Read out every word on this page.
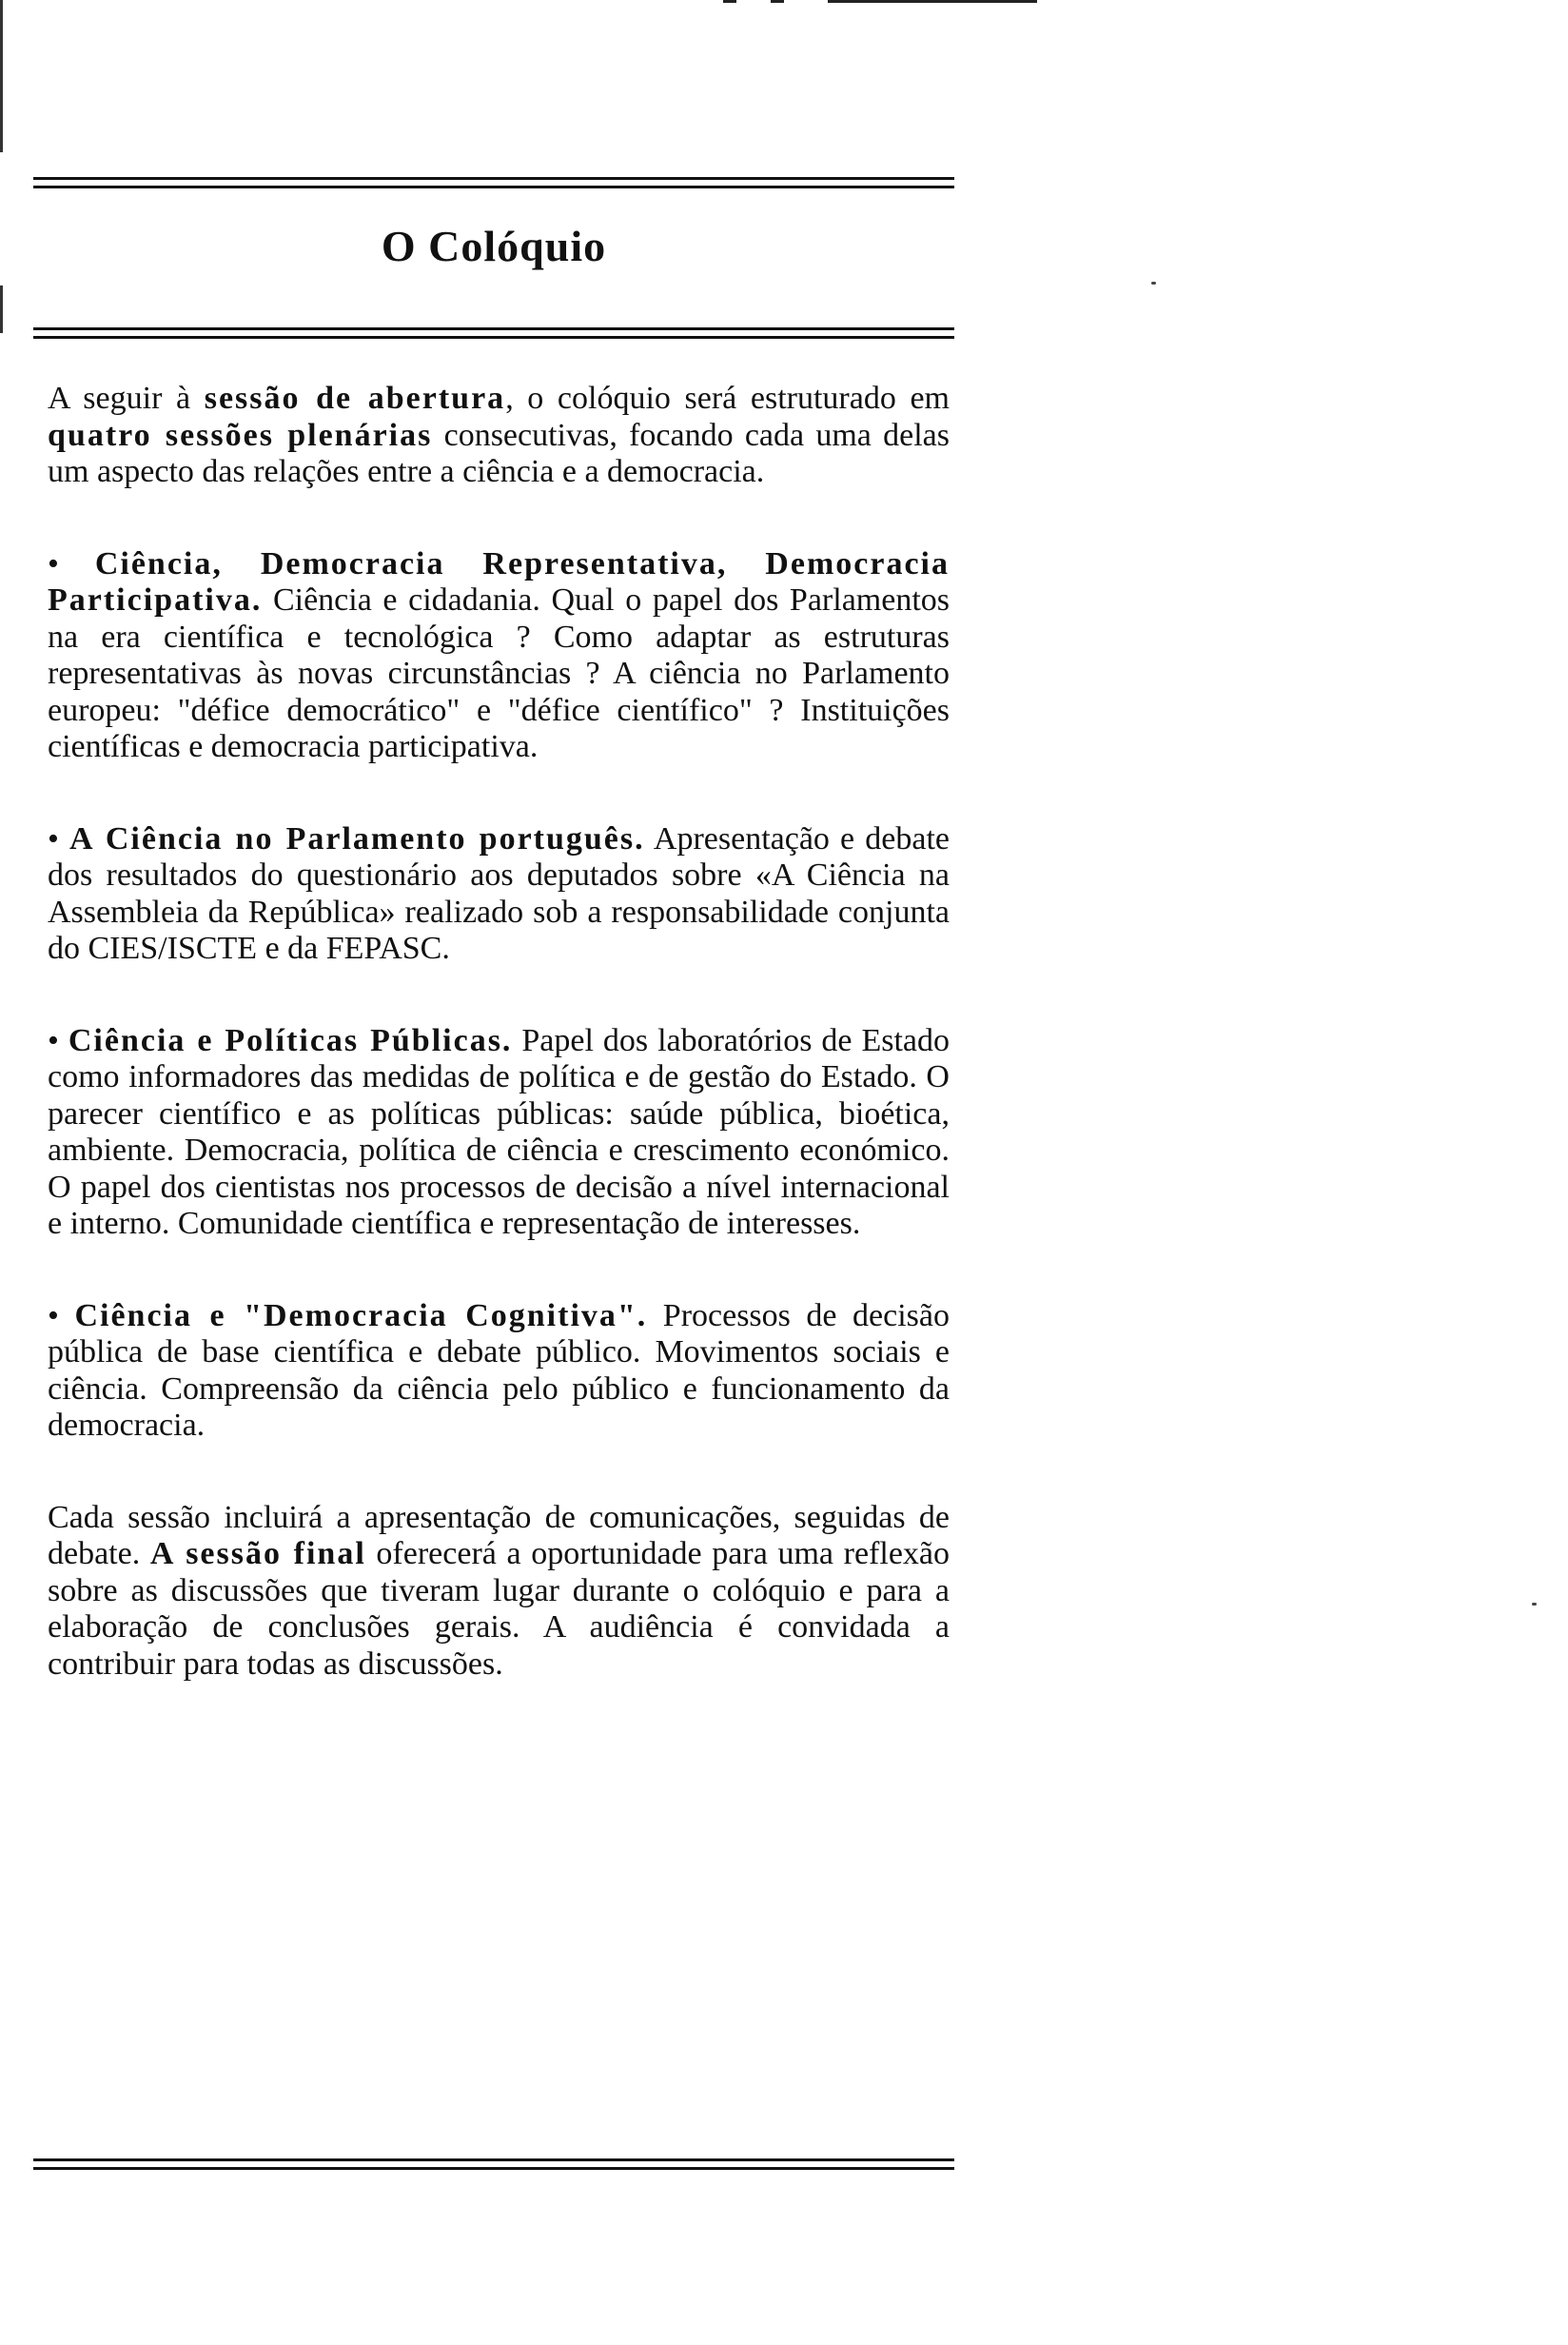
O Colóquio

A seguir à sessão de abertura, o colóquio será estruturado em quatro sessões plenárias consecutivas, focando cada uma delas um aspecto das relações entre a ciência e a democracia.

• Ciência, Democracia Representativa, Democracia Participativa. Ciência e cidadania. Qual o papel dos Parlamentos na era científica e tecnológica ? Como adaptar as estruturas representativas às novas circunstâncias ? A ciência no Parlamento europeu: "défice democrático" e "défice científico" ? Instituições científicas e democracia participativa.

• A Ciência no Parlamento português. Apresentação e debate dos resultados do questionário aos deputados sobre «A Ciência na Assembleia da República» realizado sob a responsabilidade conjunta do CIES/ISCTE e da FEPASC.

• Ciência e Políticas Públicas. Papel dos laboratórios de Estado como informadores das medidas de política e de gestão do Estado. O parecer científico e as políticas públicas: saúde pública, bioética, ambiente. Democracia, política de ciência e crescimento económico. O papel dos cientistas nos processos de decisão a nível internacional e interno. Comunidade científica e representação de interesses.

• Ciência e "Democracia Cognitiva". Processos de decisão pública de base científica e debate público. Movimentos sociais e ciência. Compreensão da ciência pelo público e funcionamento da democracia.

Cada sessão incluirá a apresentação de comunicações, seguidas de debate. A sessão final oferecerá a oportunidade para uma reflexão sobre as discussões que tiveram lugar durante o colóquio e para a elaboração de conclusões gerais. A audiência é convidada a contribuir para todas as discussões.
